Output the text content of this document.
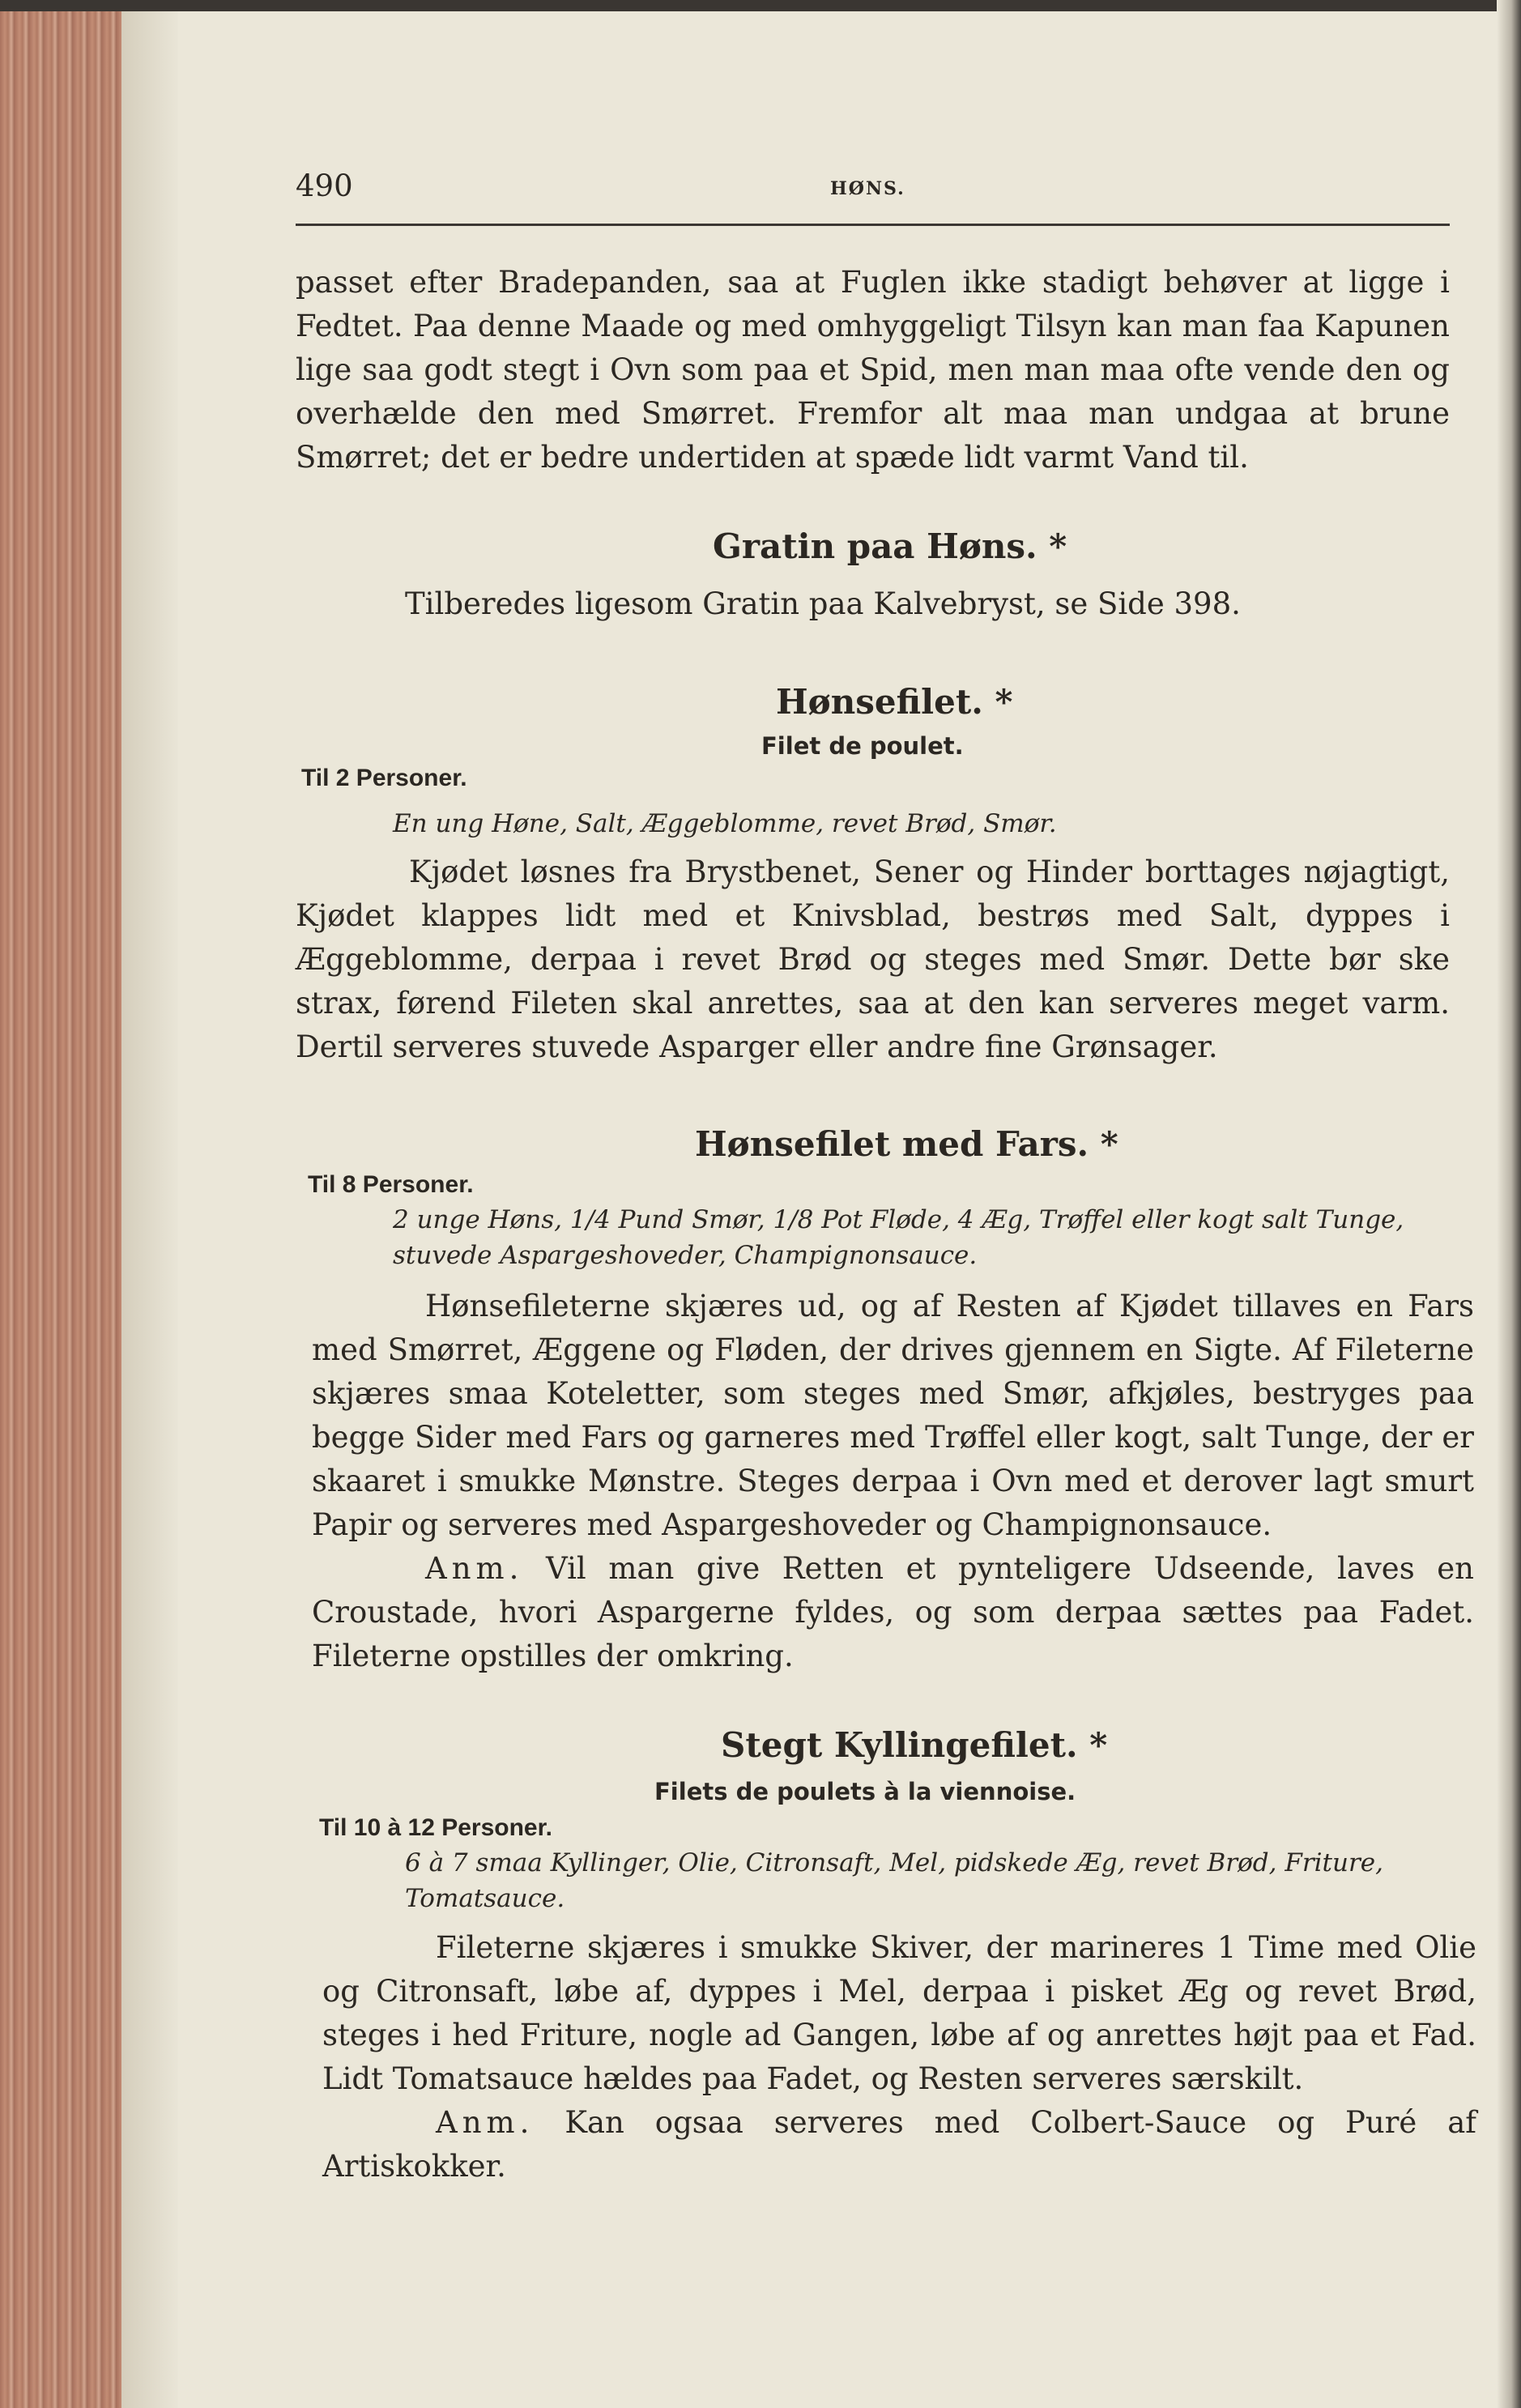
490	HØNS.

passet efter Bradepanden, saa at Fuglen ikke stadigt behøver at ligge i Fedtet. Paa denne Maade og med omhyggeligt Tilsyn kan man faa Kapunen lige saa godt stegt i Ovn som paa et Spid, men man maa ofte vende den og overhælde den med Smørret. Fremfor alt maa man undgaa at brune Smørret; det er bedre undertiden at spæde lidt varmt Vand til.

Gratin paa Høns. *
Tilberedes ligesom Gratin paa Kalvebryst, se Side 398.
Hønsefilet. *
Filet de poulet.
Til 2 Personer.
En ung Høne, Salt, Æggeblomme, revet Brød, Smør.

Kjødet løsnes fra Brystbenet, Sener og Hinder borttages nøjagtigt, Kjødet klappes lidt med et Knivsblad, bestrøs med Salt, dyppes i Æggeblomme, derpaa i revet Brød og steges med Smør. Dette bør ske strax, førend Fileten skal anrettes, saa at den kan serveres meget varm. Dertil serveres stuvede Asparger eller andre fine Grønsager.

Hønsefilet med Fars. *
Til 8 Personer.
2 unge Høns, 1/4 Pund Smør, 1/8 Pot Fløde, 4 Æg, Trøffel eller kogt salt Tunge, stuvede Aspargeshoveder, Champignonsauce.

Hønsefileterne skjæres ud, og af Resten af Kjødet tillaves en Fars med Smørret, Æggene og Fløden, der drives gjennem en Sigte. Af Fileterne skjæres smaa Koteletter, som steges med Smør, afkjøles, bestryges paa begge Sider med Fars og garneres med Trøffel eller kogt, salt Tunge, der er skaaret i smukke Mønstre. Steges derpaa i Ovn med et derover lagt smurt Papir og serveres med Aspargeshoveder og Champignonsauce.

Anm. Vil man give Retten et pynteligere Udseende, laves en Croustade, hvori Aspargerne fyldes, og som derpaa sættes paa Fadet. Fileterne opstilles der omkring.

Stegt Kyllingefilet. *
Filets de poulets à la viennoise.
Til 10 à 12 Personer.
6 à 7 smaa Kyllinger, Olie, Citronsaft, Mel, pidskede Æg, revet Brød, Friture, Tomatsauce.

Fileterne skjæres i smukke Skiver, der marineres 1 Time med Olie og Citronsaft, løbe af, dyppes i Mel, derpaa i pisket Æg og revet Brød, steges i hed Friture, nogle ad Gangen, løbe af og anrettes højt paa et Fad. Lidt Tomatsauce hældes paa Fadet, og Resten serveres særskilt.

Anm. Kan ogsaa serveres med Colbert-Sauce og Puré af Artiskokker.
